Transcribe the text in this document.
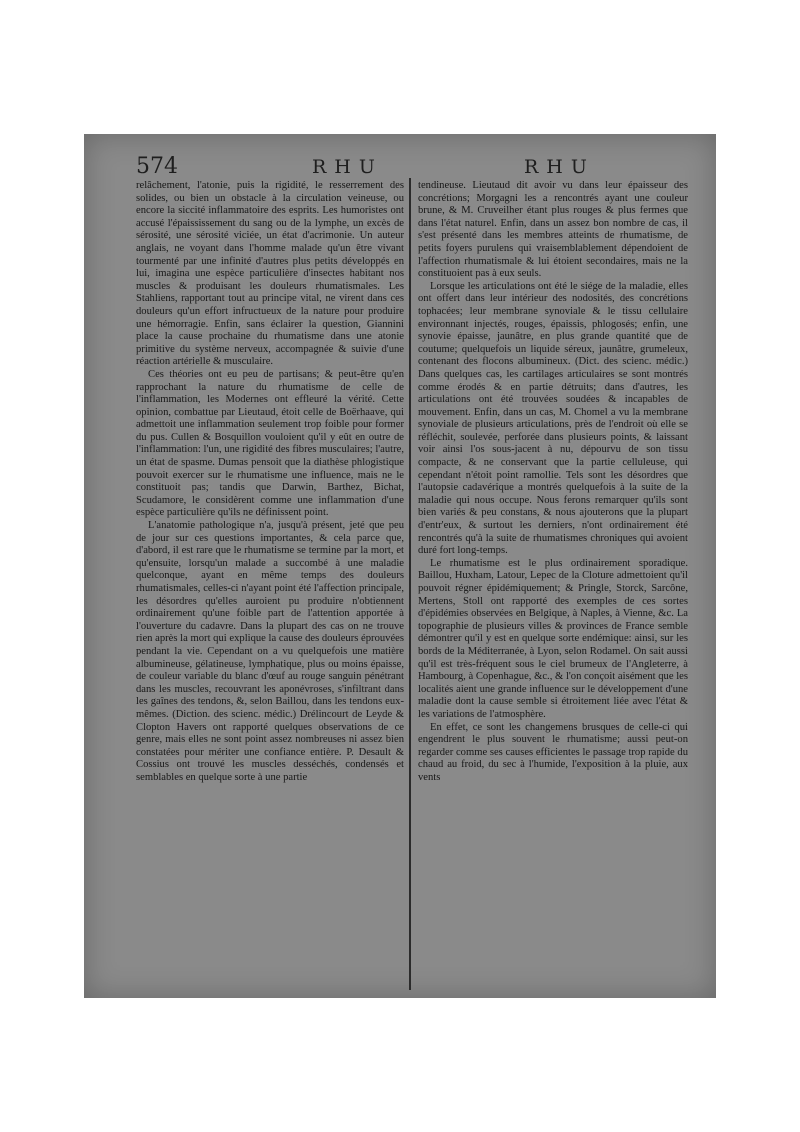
574	RHU	RHU

relâchement, l'atonie, puis la rigidité, le resserrement des solides, ou bien un obstacle à la circulation veineuse, ou encore la siccité inflammatoire des esprits. Les humoristes ont accusé l'épaississement du sang ou de la lymphe, un excès de sérosité, une sérosité viciée, un état d'acrimonie. Un auteur anglais, ne voyant dans l'homme malade qu'un être vivant tourmenté par une infinité d'autres plus petits développés en lui, imagina une espèce particulière d'insectes habitant nos muscles & produisant les douleurs rhumatismales. Les Stahliens, rapportant tout au principe vital, ne virent dans ces douleurs qu'un effort infructueux de la nature pour produire une hémorragie. Enfin, sans éclairer la question, Giannini place la cause prochaine du rhumatisme dans une atonie primitive du système nerveux, accompagnée & suivie d'une réaction artérielle & musculaire.

Ces théories ont eu peu de partisans; & peut-être qu'en rapprochant la nature du rhumatisme de celle de l'inflammation, les Modernes ont effleuré la vérité. Cette opinion, combattue par Lieutaud, étoit celle de Boërhaave, qui admettoit une inflammation seulement trop foible pour former du pus. Cullen & Bosquillon vouloient qu'il y eût en outre de l'inflammation: l'un, une rigidité des fibres musculaires; l'autre, un état de spasme. Dumas pensoit que la diathèse phlogistique pouvoit exercer sur le rhumatisme une influence, mais ne le constituoit pas; tandis que Darwin, Barthez, Bichat, Scudamore, le considèrent comme une inflammation d'une espèce particulière qu'ils ne définissent point.

L'anatomie pathologique n'a, jusqu'à présent, jeté que peu de jour sur ces questions importantes, & cela parce que, d'abord, il est rare que le rhumatisme se termine par la mort, et qu'ensuite, lorsqu'un malade a succombé à une maladie quelconque, ayant en même temps des douleurs rhumatismales, celles-ci n'ayant point été l'affection principale, les désordres qu'elles auroient pu produire n'obtiennent ordinairement qu'une foible part de l'attention apportée à l'ouverture du cadavre. Dans la plupart des cas on ne trouve rien après la mort qui explique la cause des douleurs éprouvées pendant la vie. Cependant on a vu quelquefois une matière albumineuse, gélatineuse, lymphatique, plus ou moins épaisse, de couleur variable du blanc d'œuf au rouge sanguin pénétrant dans les muscles, recouvrant les aponévroses, s'infiltrant dans les gaînes des tendons, &, selon Baillou, dans les tendons eux-mêmes. (Diction. des scienc. médic.) Drélincourt de Leyde & Clopton Havers ont rapporté quelques observations de ce genre, mais elles ne sont point assez nombreuses ni assez bien constatées pour mériter une confiance entière. P. Desault & Cossius ont trouvé les muscles desséchés, condensés et semblables en quelque sorte à une partie

tendineuse. Lieutaud dit avoir vu dans leur épaisseur des concrétions; Morgagni les a rencontrés ayant une couleur brune, & M. Cruveilher étant plus rouges & plus fermes que dans l'état naturel. Enfin, dans un assez bon nombre de cas, il s'est présenté dans les membres atteints de rhumatisme, de petits foyers purulens qui vraisemblablement dépendoient de l'affection rhumatismale & lui étoient secondaires, mais ne la constituoient pas à eux seuls.

Lorsque les articulations ont été le siége de la maladie, elles ont offert dans leur intérieur des nodosités, des concrétions tophacées; leur membrane synoviale & le tissu cellulaire environnant injectés, rouges, épaissis, phlogosés; enfin, une synovie épaisse, jaunâtre, en plus grande quantité que de coutume; quelquefois un liquide séreux, jaunâtre, grumeleux, contenant des flocons albumineux. (Dict. des scienc. médic.) Dans quelques cas, les cartilages articulaires se sont montrés comme érodés & en partie détruits; dans d'autres, les articulations ont été trouvées soudées & incapables de mouvement. Enfin, dans un cas, M. Chomel a vu la membrane synoviale de plusieurs articulations, près de l'endroit où elle se réfléchit, soulevée, perforée dans plusieurs points, & laissant voir ainsi l'os sous-jacent à nu, dépourvu de son tissu compacte, & ne conservant que la partie celluleuse, qui cependant n'étoit point ramollie. Tels sont les désordres que l'autopsie cadavérique a montrés quelquefois à la suite de la maladie qui nous occupe. Nous ferons remarquer qu'ils sont bien variés & peu constans, & nous ajouterons que la plupart d'entr'eux, & surtout les derniers, n'ont ordinairement été rencontrés qu'à la suite de rhumatismes chroniques qui avoient duré fort long-temps.

Le rhumatisme est le plus ordinairement sporadique. Baillou, Huxham, Latour, Lepec de la Cloture admettoient qu'il pouvoit régner épidémiquement; & Pringle, Storck, Sarcône, Mertens, Stoll ont rapporté des exemples de ces sortes d'épidémies observées en Belgique, à Naples, à Vienne, &c. La topographie de plusieurs villes & provinces de France semble démontrer qu'il y est en quelque sorte endémique: ainsi, sur les bords de la Méditerranée, à Lyon, selon Rodamel. On sait aussi qu'il est très-fréquent sous le ciel brumeux de l'Angleterre, à Hambourg, à Copenhague, &c., & l'on conçoit aisément que les localités aient une grande influence sur le développement d'une maladie dont la cause semble si étroitement liée avec l'état & les variations de l'atmosphère.

En effet, ce sont les changemens brusques de celle-ci qui engendrent le plus souvent le rhumatisme; aussi peut-on regarder comme ses causes efficientes le passage trop rapide du chaud au froid, du sec à l'humide, l'exposition à la pluie, aux vents
